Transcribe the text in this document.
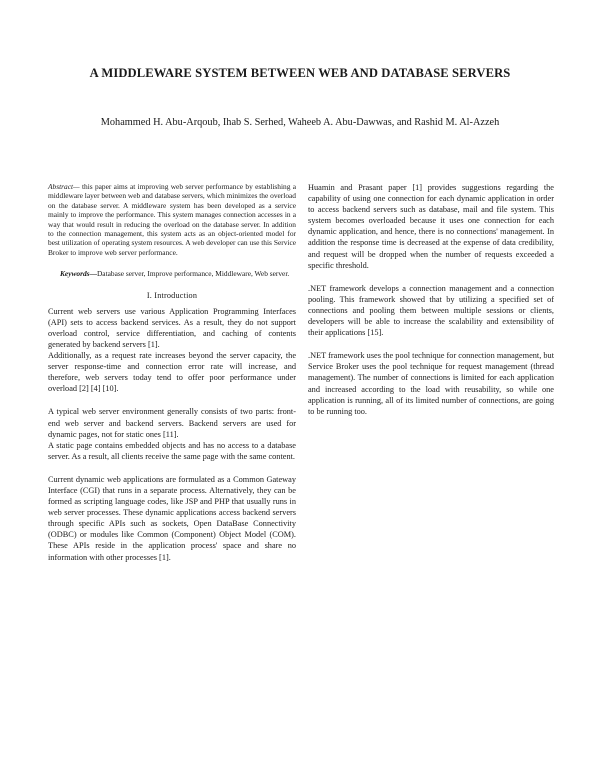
A MIDDLEWARE SYSTEM BETWEEN WEB AND DATABASE SERVERS
Mohammed H. Abu-Arqoub, Ihab S. Serhed, Waheeb A. Abu-Dawwas, and Rashid M. Al-Azzeh

Abstract— this paper aims at improving web server performance by establishing a middleware layer between web and database servers, which minimizes the overload on the database server. A middleware system has been developed as a service mainly to improve the performance. This system manages connection accesses in a way that would result in reducing the overload on the database server. In addition to the connection management, this system acts as an object-oriented model for best utilization of operating system resources. A web developer can use this Service Broker to improve web server performance.

Keywords—Database server, Improve performance, Middleware, Web server.

I. Introduction

Current web servers use various Application Programming Interfaces (API) sets to access backend services. As a result, they do not support overload control, service differentiation, and caching of contents generated by backend servers [1].

Additionally, as a request rate increases beyond the server capacity, the server response-time and connection error rate will increase, and therefore, web servers today tend to offer poor performance under overload [2] [4] [10].

A typical web server environment generally consists of two parts: front-end web server and backend servers. Backend servers are used for dynamic pages, not for static ones [11].

A static page contains embedded objects and has no access to a database server. As a result, all clients receive the same page with the same content.

Current dynamic web applications are formulated as a Common Gateway Interface (CGI) that runs in a separate process. Alternatively, they can be formed as scripting language codes, like JSP and PHP that usually runs in web server processes. These dynamic applications access backend servers through specific APIs such as sockets, Open DataBase Connectivity (ODBC) or modules like Common (Component) Object Model (COM). These APIs reside in the application process' space and share no information with other processes [1].

Huamin and Prasant paper [1] provides suggestions regarding the capability of using one connection for each dynamic application in order to access backend servers such as database, mail and file system. This system becomes overloaded because it uses one connection for each dynamic application, and hence, there is no connections' management. In addition the response time is decreased at the expense of data credibility, and request will be dropped when the number of requests exceeded a specific threshold.

.NET framework develops a connection management and a connection pooling. This framework showed that by utilizing a specified set of connections and pooling them between multiple sessions or clients, developers will be able to increase the scalability and extensibility of their applications [15].

.NET framework uses the pool technique for connection management, but Service Broker uses the pool technique for request management (thread management). The number of connections is limited for each application and increased according to the load with reusability, so while one application is running, all of its limited number of connections, are going to be running too.
